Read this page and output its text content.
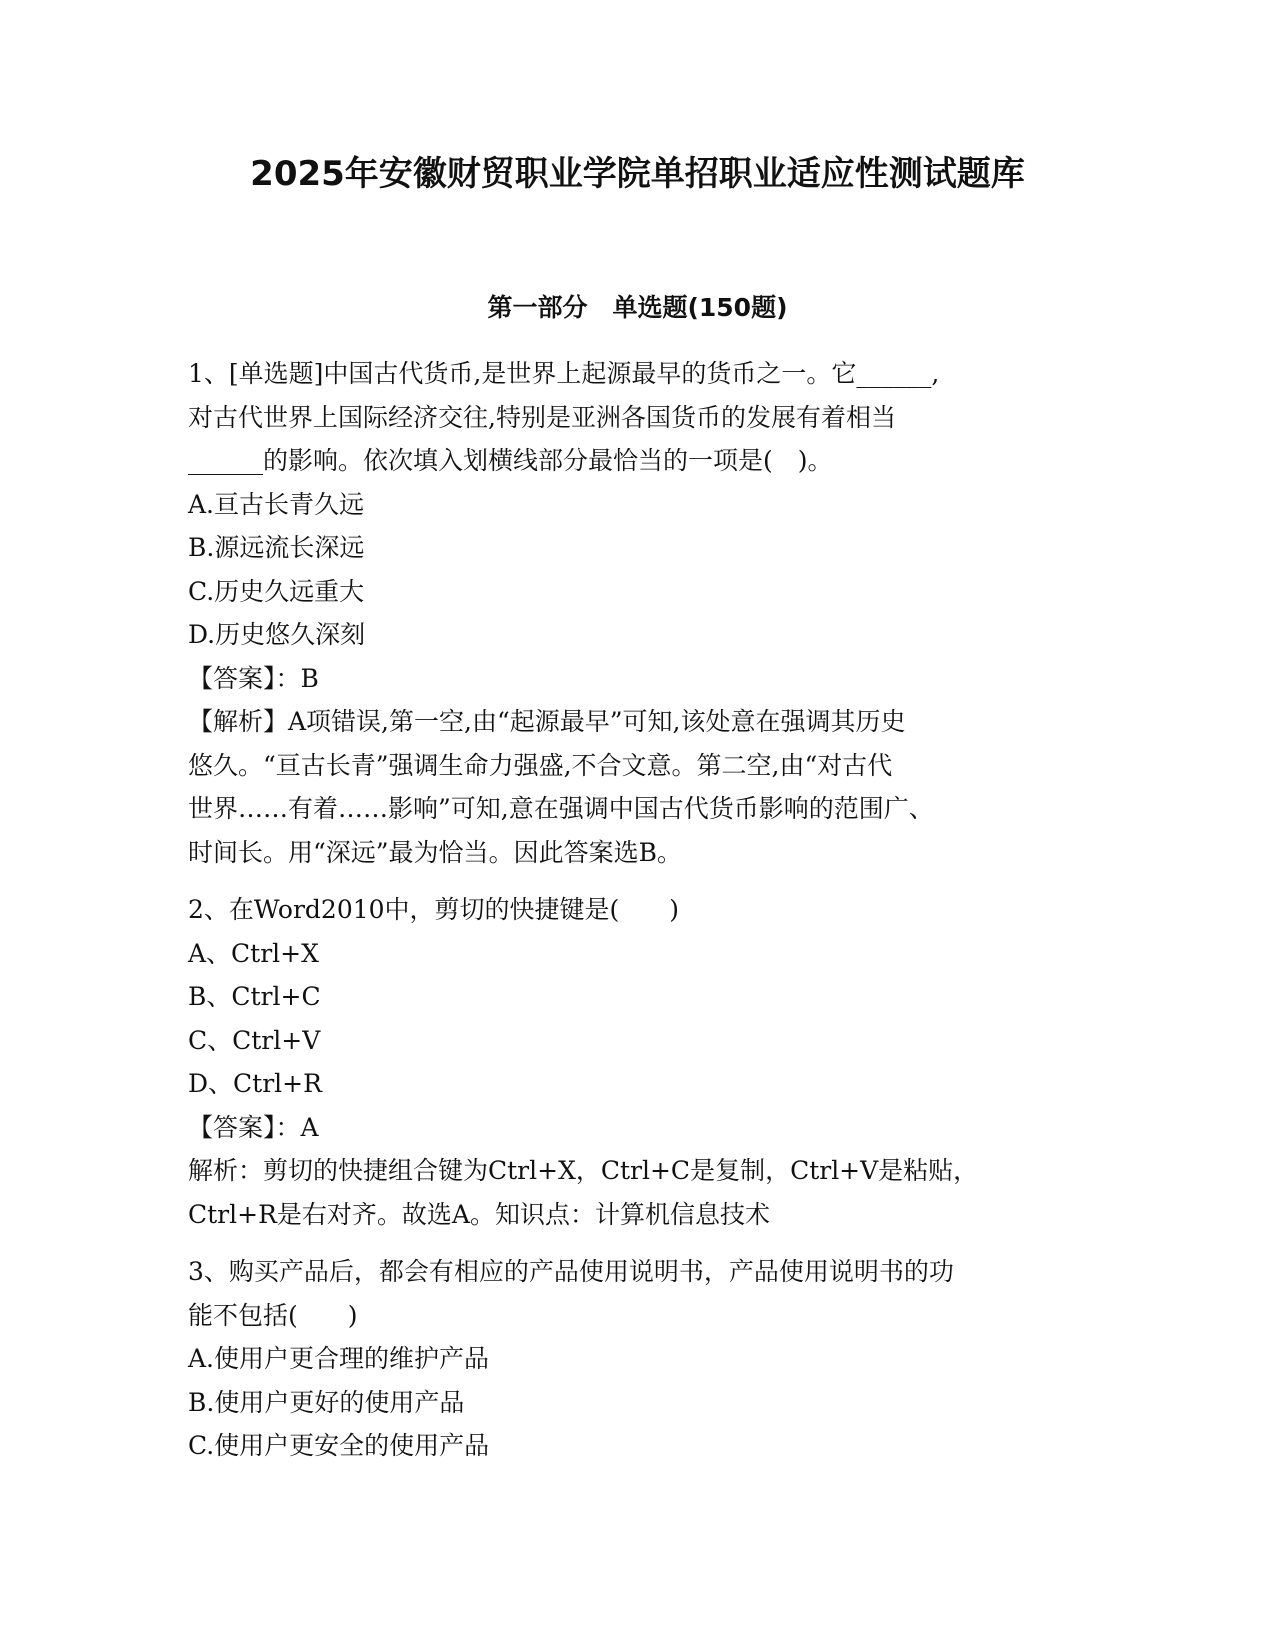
2025年安徽财贸职业学院单招职业适应性测试题库
第一部分　单选题(150题)
1、[单选题]中国古代货币,是世界上起源最早的货币之一。它______,
对古代世界上国际经济交往,特别是亚洲各国货币的发展有着相当
______的影响。依次填入划横线部分最恰当的一项是(　)。
A.亘古长青久远
B.源远流长深远
C.历史久远重大
D.历史悠久深刻
【答案】：B
【解析】A项错误,第一空,由“起源最早”可知,该处意在强调其历史
悠久。“亘古长青”强调生命力强盛,不合文意。第二空,由“对古代
世界……有着……影响”可知,意在强调中国古代货币影响的范围广、
时间长。用“深远”最为恰当。因此答案选B。
2、在Word2010中，剪切的快捷键是(　　)
A、Ctrl+X
B、Ctrl+C
C、Ctrl+V
D、Ctrl+R
【答案】：A
解析：剪切的快捷组合键为Ctrl+X，Ctrl+C是复制，Ctrl+V是粘贴，
Ctrl+R是右对齐。故选A。知识点：计算机信息技术
3、购买产品后，都会有相应的产品使用说明书，产品使用说明书的功
能不包括(　　)
A.使用户更合理的维护产品
B.使用户更好的使用产品
C.使用户更安全的使用产品
